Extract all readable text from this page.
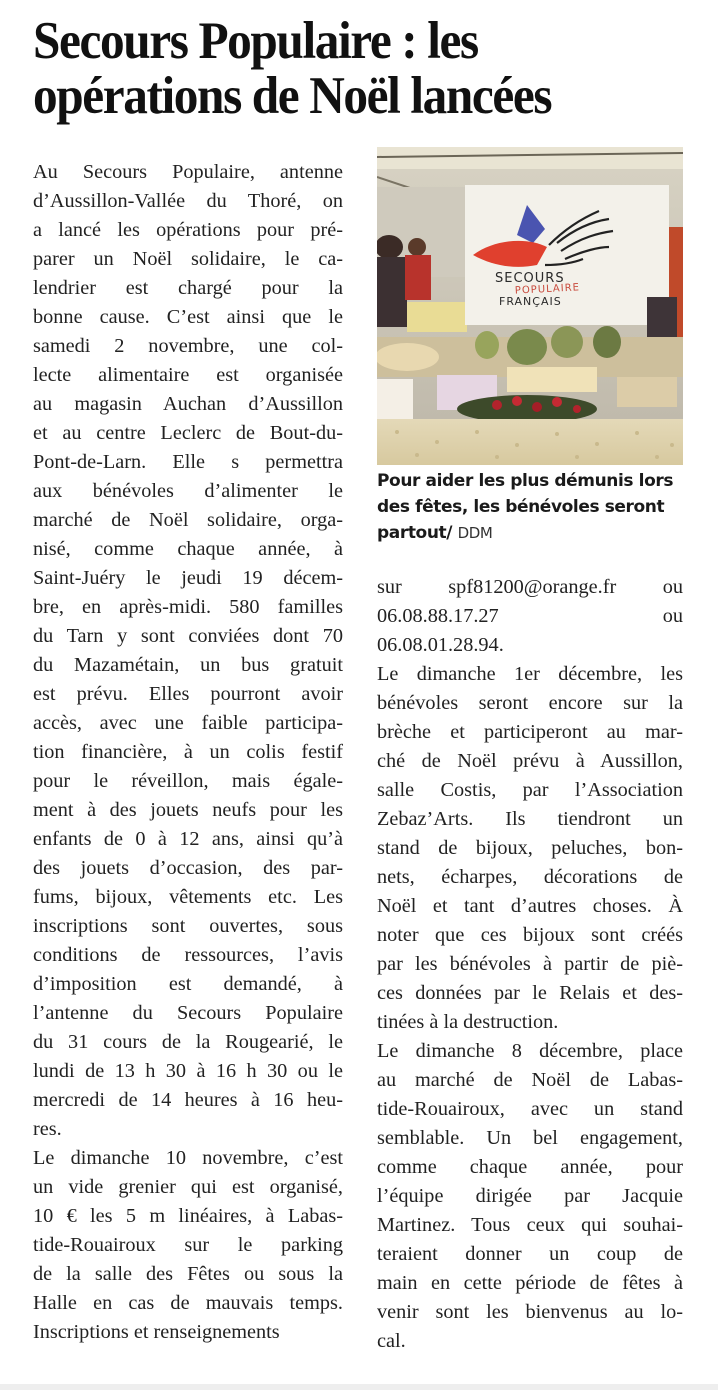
Secours Populaire : les
opérations de Noël lancées
Au Secours Populaire, antenne
d’Aussillon-Vallée du Thoré, on
a lancé les opérations pour pré-
parer un Noël solidaire, le ca-
lendrier est chargé pour la
bonne cause. C’est ainsi que le
samedi 2 novembre, une col-
lecte alimentaire est organisée
au magasin Auchan d’Aussillon
et au centre Leclerc de Bout-du-
Pont-de-Larn. Elle s permettra
aux bénévoles d’alimenter le
marché de Noël solidaire, orga-
nisé, comme chaque année, à
Saint-Juéry le jeudi 19 décem-
bre, en après-midi. 580 familles
du Tarn y sont conviées dont 70
du Mazamétain, un bus gratuit
est prévu. Elles pourront avoir
accès, avec une faible participa-
tion financière, à un colis festif
pour le réveillon, mais égale-
ment à des jouets neufs pour les
enfants de 0 à 12 ans, ainsi qu’à
des jouets d’occasion, des par-
fums, bijoux, vêtements etc. Les
inscriptions sont ouvertes, sous
conditions de ressources, l’avis
d’imposition est demandé, à
l’antenne du Secours Populaire
du 31 cours de la Rougearié, le
lundi de 13 h 30 à 16 h 30 ou le
mercredi de 14 heures à 16 heu-
res.
Le dimanche 10 novembre, c’est
un vide grenier qui est organisé,
10 € les 5 m linéaires, à Labas-
tide-Rouairoux sur le parking
de la salle des Fêtes ou sous la
Halle en cas de mauvais temps.
Inscriptions et renseignements
SECOURS
POPULAIRE
FRANÇAIS
Pour aider les plus démunis lors des fêtes, les bénévoles seront partout/ DDM
sur spf81200@orange.fr ou
06.08.88.17.27 ou
06.08.01.28.94.
Le dimanche 1er décembre, les
bénévoles seront encore sur la
brèche et participeront au mar-
ché de Noël prévu à Aussillon,
salle Costis, par l’Association
Zebaz’Arts. Ils tiendront un
stand de bijoux, peluches, bon-
nets, écharpes, décorations de
Noël et tant d’autres choses. À
noter que ces bijoux sont créés
par les bénévoles à partir de piè-
ces données par le Relais et des-
tinées à la destruction.
Le dimanche 8 décembre, place
au marché de Noël de Labas-
tide-Rouairoux, avec un stand
semblable. Un bel engagement,
comme chaque année, pour
l’équipe dirigée par Jacquie
Martinez. Tous ceux qui souhai-
teraient donner un coup de
main en cette période de fêtes à
venir sont les bienvenus au lo-
cal.
